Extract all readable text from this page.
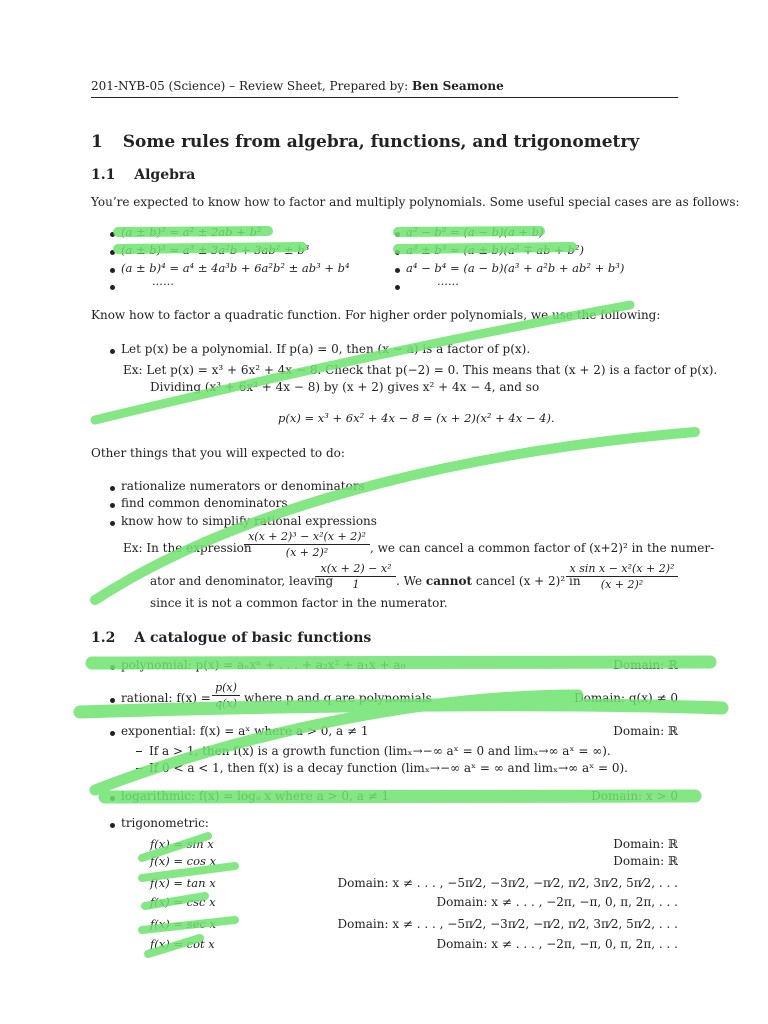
201-NYB-05 (Science) – Review Sheet, Prepared by: Ben Seamone
1 Some rules from algebra, functions, and trigonometry
1.1 Algebra
You’re expected to know how to factor and multiply polynomials. Some useful special cases are as follows:
(a ± b)² = a² ± 2ab + b²
(a ± b)³ = a³ ± 3a²b + 3ab² ± b³
(a ± b)⁴ = a⁴ ± 4a³b + 6a²b² ± ab³ + b⁴
······
a² − b² = (a − b)(a + b)
a³ ± b³ = (a ± b)(a² ∓ ab + b²)
a⁴ − b⁴ = (a − b)(a³ + a²b + ab² + b³)
······
Know how to factor a quadratic function. For higher order polynomials, we use the following:
Let p(x) be a polynomial. If p(a) = 0, then (x − a) is a factor of p(x).
Ex: Let p(x) = x³ + 6x² + 4x − 8. Check that p(−2) = 0. This means that (x + 2) is a factor of p(x).
Dividing (x³ + 6x² + 4x − 8) by (x + 2) gives x² + 4x − 4, and so
p(x) = x³ + 6x² + 4x − 8 = (x + 2)(x² + 4x − 4).
Other things that you will expected to do:
rationalize numerators or denominators
find common denominators
know how to simplify rational expressions
Ex: In the expression
x(x + 2)³ − x²(x + 2)²
(x + 2)²	, we can cancel a common factor of (x+2)² in the numer-
ator and denominator, leaving
x(x + 2) − x²
1	. We cannot cancel (x + 2)² in
x sin x − x²(x + 2)²
(x + 2)²
since it is not a common factor in the numerator.
1.2 A catalogue of basic functions
polynomial: p(x) = aₙxⁿ + . . . + a₂x² + a₁x + a₀	Domain: ℝ
rational: f(x) =
p(x)
q(x) where p and q are polynomials	Domain: q(x) ≠ 0
exponential: f(x) = aˣ where a > 0, a ≠ 1	Domain: ℝ
If a > 1, then f(x) is a growth function (limₓ→−∞ aˣ = 0 and limₓ→∞ aˣ = ∞).
If 0 < a < 1, then f(x) is a decay function (limₓ→−∞ aˣ = ∞ and limₓ→∞ aˣ = 0).
logarithmic: f(x) = logₐ x where a > 0, a ≠ 1	Domain: x > 0
trigonometric:
f(x) = sin x	Domain: ℝ
f(x) = cos x	Domain: ℝ
f(x) = tan x	Domain: x ≠ . . . , −5π⁄2, −3π⁄2, −π⁄2, π⁄2, 3π⁄2, 5π⁄2, . . .
f(x) = csc x	Domain: x ≠ . . . , −2π, −π, 0, π, 2π, . . .
f(x) = sec x	Domain: x ≠ . . . , −5π⁄2, −3π⁄2, −π⁄2, π⁄2, 3π⁄2, 5π⁄2, . . .
f(x) = cot x	Domain: x ≠ . . . , −2π, −π, 0, π, 2π, . . .
